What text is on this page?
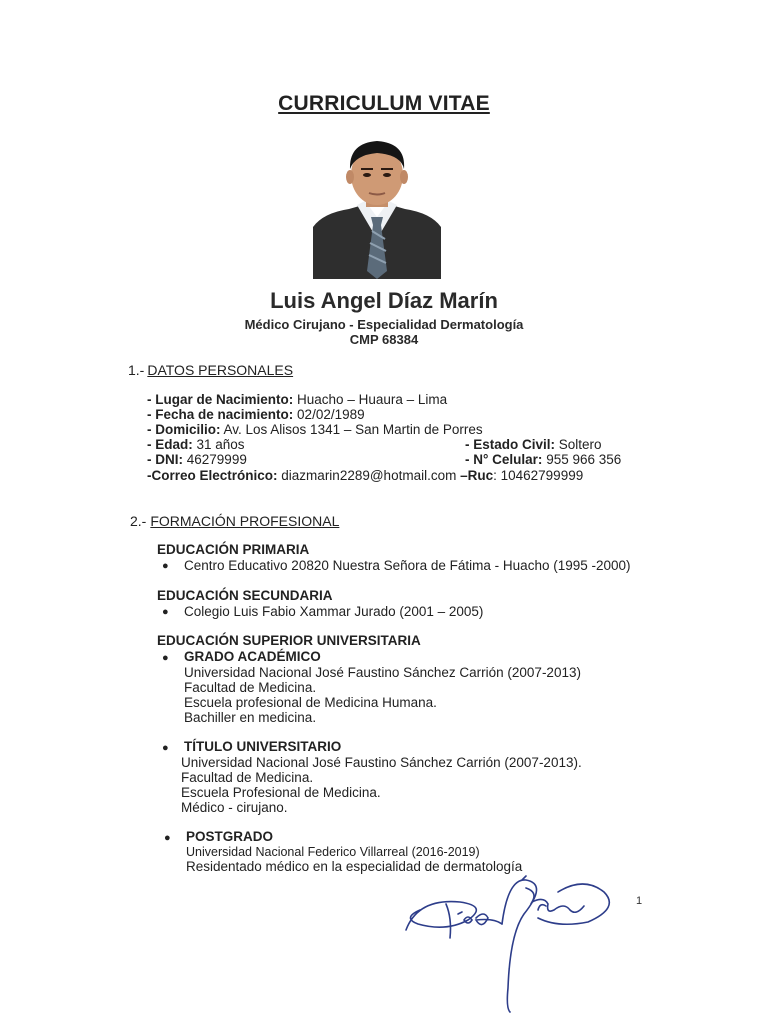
CURRICULUM VITAE
Luis Angel Díaz Marín
Médico Cirujano - Especialidad Dermatología
CMP 68384
1.- DATOS PERSONALES
- Lugar de Nacimiento: Huacho – Huaura – Lima
- Fecha de nacimiento: 02/02/1989
- Domicilio: Av. Los Alisos 1341 – San Martin de Porres
- Edad: 31 años	- Estado Civil: Soltero
- DNI: 46279999	- N° Celular: 955 966 356
-Correo Electrónico: diazmarin2289@hotmail.com –Ruc: 10462799999
2.- FORMACIÓN PROFESIONAL
EDUCACIÓN PRIMARIA
● Centro Educativo 20820 Nuestra Señora de Fátima - Huacho (1995 -2000)
EDUCACIÓN SECUNDARIA
● Colegio Luis Fabio Xammar Jurado (2001 – 2005)
EDUCACIÓN SUPERIOR UNIVERSITARIA
● GRADO ACADÉMICO
Universidad Nacional José Faustino Sánchez Carrión (2007-2013)
Facultad de Medicina.
Escuela profesional de Medicina Humana.
Bachiller en medicina.
● TÍTULO UNIVERSITARIO
Universidad Nacional José Faustino Sánchez Carrión (2007-2013).
Facultad de Medicina.
Escuela Profesional de Medicina.
Médico - cirujano.
● POSTGRADO
Universidad Nacional Federico Villarreal (2016-2019)
Residentado médico en la especialidad de dermatología
1
